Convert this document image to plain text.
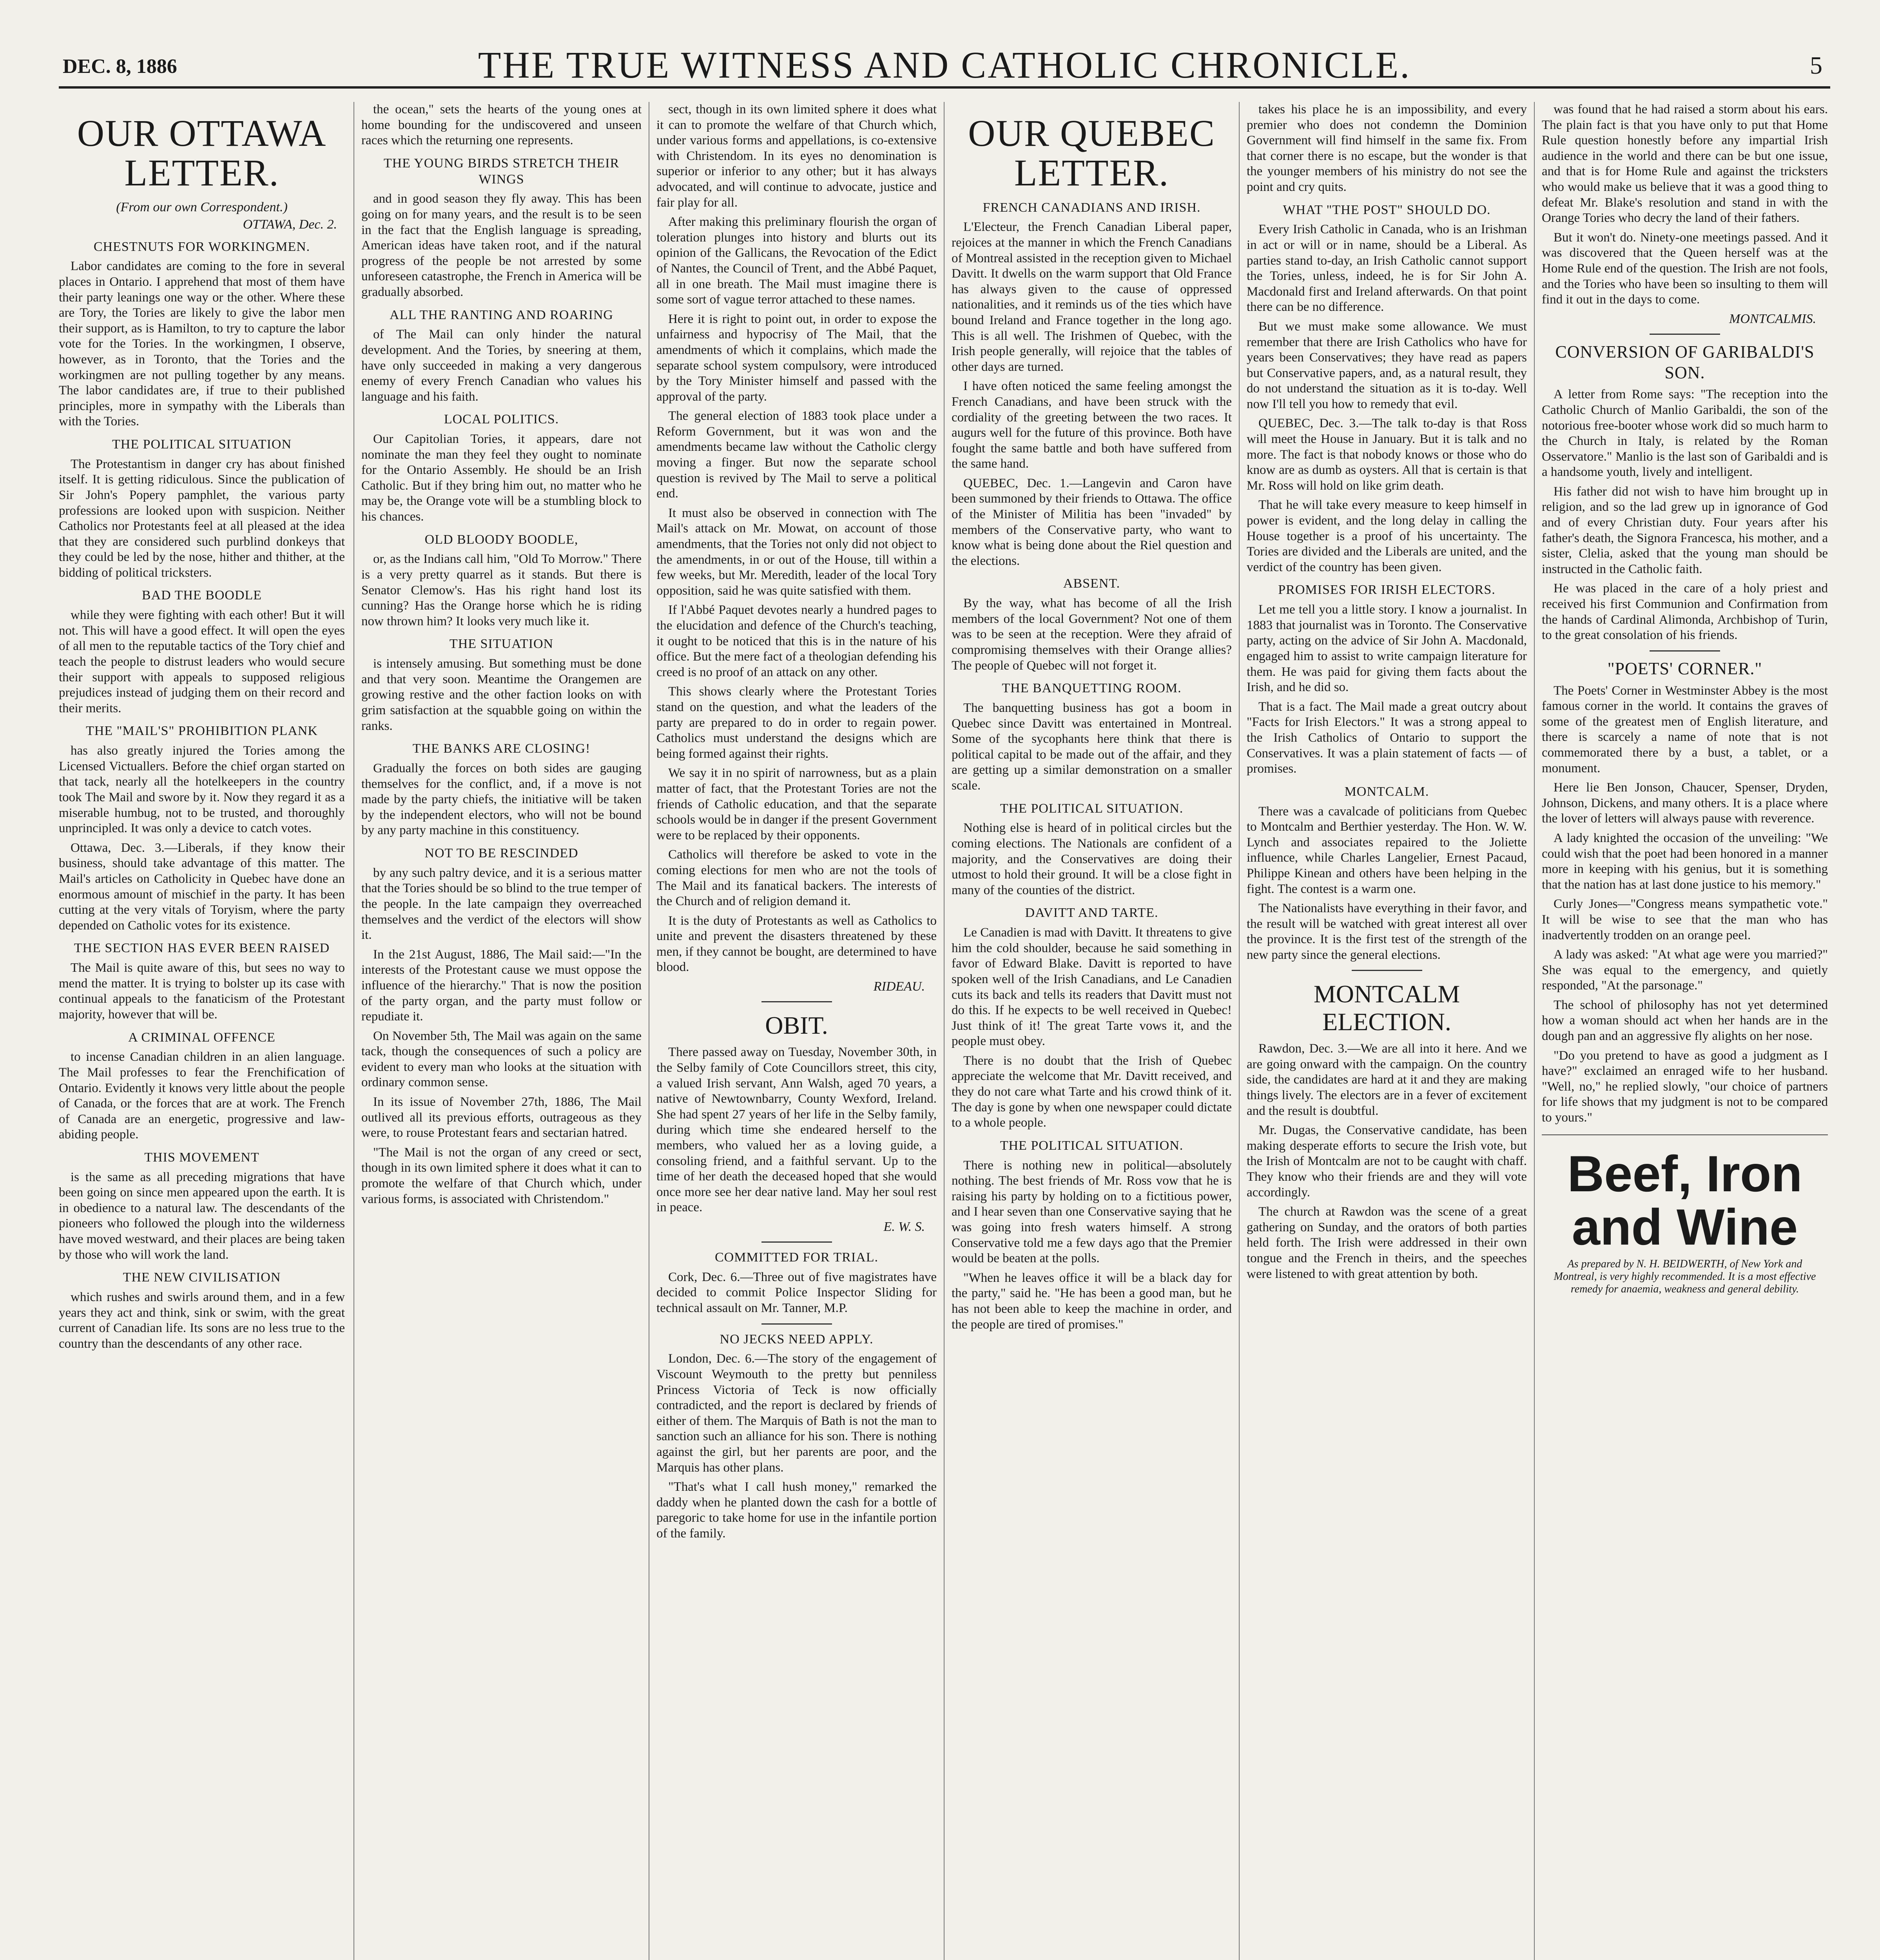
DEC. 8, 1886	THE TRUE WITNESS AND CATHOLIC CHRONICLE.	5
OUR OTTAWA LETTER.
(From our own Correspondent.)
OTTAWA, Dec. 2.
CHESTNUTS FOR WORKINGMEN.

Labor candidates are coming to the fore in several places in Ontario. I apprehend that most of them have their party leanings one way or the other. Where these are Tory, the Tories are likely to give the labor men their support, as is Hamilton, to try to capture the labor vote for the Tories. In the workingmen, I observe, however, as in Toronto, that the Tories and the workingmen are not pulling together by any means. The labor candidates are, if true to their published principles, more in sympathy with the Liberals than with the Tories.

THE POLITICAL SITUATION

The Protestantism in danger cry has about finished itself. It is getting ridiculous. Since the publication of Sir John's Popery pamphlet, the various party professions are looked upon with suspicion. Neither Catholics nor Protestants feel at all pleased at the idea that they are considered such purblind donkeys that they could be led by the nose, hither and thither, at the bidding of political tricksters.

BAD THE BOODLE

while they were fighting with each other! But it will not. This will have a good effect. It will open the eyes of all men to the reputable tactics of the Tory chief and teach the people to distrust leaders who would secure their support with appeals to supposed religious prejudices instead of judging them on their record and their merits.

THE "MAIL'S" PROHIBITION PLANK

has also greatly injured the Tories among the Licensed Victuallers. Before the chief organ started on that tack, nearly all the hotelkeepers in the country took The Mail and swore by it. Now they regard it as a miserable humbug, not to be trusted, and thoroughly unprincipled. It was only a device to catch votes.

Ottawa, Dec. 3.—Liberals, if they know their business, should take advantage of this matter. The Mail's articles on Catholicity in Quebec have done an enormous amount of mischief in the party. It has been cutting at the very vitals of Toryism, where the party depended on Catholic votes for its existence.

THE SECTION HAS EVER BEEN RAISED

The Mail is quite aware of this, but sees no way to mend the matter. It is trying to bolster up its case with continual appeals to the fanaticism of the Protestant majority, however that will be.

A CRIMINAL OFFENCE

to incense Canadian children in an alien language. The Mail professes to fear the Frenchification of Ontario. Evidently it knows very little about the people of Canada, or the forces that are at work. The French of Canada are an energetic, progressive and law-abiding people.

THIS MOVEMENT

is the same as all preceding migrations that have been going on since men appeared upon the earth. It is in obedience to a natural law. The descendants of the pioneers who followed the plough into the wilderness have moved westward, and their places are being taken by those who will work the land.

THE NEW CIVILISATION

which rushes and swirls around them, and in a few years they act and think, sink or swim, with the great current of Canadian life. Its sons are no less true to the country than the descendants of any other race.

the ocean," sets the hearts of the young ones at home bounding for the undiscovered and unseen races which the returning one represents.

THE YOUNG BIRDS STRETCH THEIR WINGS

and in good season they fly away. This has been going on for many years, and the result is to be seen in the fact that the English language is spreading, American ideas have taken root, and if the natural progress of the people be not arrested by some unforeseen catastrophe, the French in America will be gradually absorbed.

ALL THE RANTING AND ROARING

of The Mail can only hinder the natural development. And the Tories, by sneering at them, have only succeeded in making a very dangerous enemy of every French Canadian who values his language and his faith.

LOCAL POLITICS.

Our Capitolian Tories, it appears, dare not nominate the man they feel they ought to nominate for the Ontario Assembly. He should be an Irish Catholic. But if they bring him out, no matter who he may be, the Orange vote will be a stumbling block to his chances.

OLD BLOODY BOODLE,

or, as the Indians call him, "Old To Morrow." There is a very pretty quarrel as it stands. But there is Senator Clemow's. Has his right hand lost its cunning? Has the Orange horse which he is riding now thrown him? It looks very much like it.

THE SITUATION

is intensely amusing. But something must be done and that very soon. Meantime the Orangemen are growing restive and the other faction looks on with grim satisfaction at the squabble going on within the ranks.

THE BANKS ARE CLOSING!

Gradually the forces on both sides are gauging themselves for the conflict, and, if a move is not made by the party chiefs, the initiative will be taken by the independent electors, who will not be bound by any party machine in this constituency.

NOT TO BE RESCINDED

by any such paltry device, and it is a serious matter that the Tories should be so blind to the true temper of the people. In the late campaign they overreached themselves and the verdict of the electors will show it.

In the 21st August, 1886, The Mail said:—"In the interests of the Protestant cause we must oppose the influence of the hierarchy." That is now the position of the party organ, and the party must follow or repudiate it.

On November 5th, The Mail was again on the same tack, though the consequences of such a policy are evident to every man who looks at the situation with ordinary common sense.

In its issue of November 27th, 1886, The Mail outlived all its previous efforts, outrageous as they were, to rouse Protestant fears and sectarian hatred.

"The Mail is not the organ of any creed or sect, though in its own limited sphere it does what it can to promote the welfare of that Church which, under various forms, is associated with Christendom."

sect, though in its own limited sphere it does what it can to promote the welfare of that Church which, under various forms and appellations, is co-extensive with Christendom. In its eyes no denomination is superior or inferior to any other; but it has always advocated, and will continue to advocate, justice and fair play for all.

After making this preliminary flourish the organ of toleration plunges into history and blurts out its opinion of the Gallicans, the Revocation of the Edict of Nantes, the Council of Trent, and the Abbé Paquet, all in one breath. The Mail must imagine there is some sort of vague terror attached to these names.

Here it is right to point out, in order to expose the unfairness and hypocrisy of The Mail, that the amendments of which it complains, which made the separate school system compulsory, were introduced by the Tory Minister himself and passed with the approval of the party.

The general election of 1883 took place under a Reform Government, but it was won and the amendments became law without the Catholic clergy moving a finger. But now the separate school question is revived by The Mail to serve a political end.

It must also be observed in connection with The Mail's attack on Mr. Mowat, on account of those amendments, that the Tories not only did not object to the amendments, in or out of the House, till within a few weeks, but Mr. Meredith, leader of the local Tory opposition, said he was quite satisfied with them.

If l'Abbé Paquet devotes nearly a hundred pages to the elucidation and defence of the Church's teaching, it ought to be noticed that this is in the nature of his office. But the mere fact of a theologian defending his creed is no proof of an attack on any other.

This shows clearly where the Protestant Tories stand on the question, and what the leaders of the party are prepared to do in order to regain power. Catholics must understand the designs which are being formed against their rights.

We say it in no spirit of narrowness, but as a plain matter of fact, that the Protestant Tories are not the friends of Catholic education, and that the separate schools would be in danger if the present Government were to be replaced by their opponents.

Catholics will therefore be asked to vote in the coming elections for men who are not the tools of The Mail and its fanatical backers. The interests of the Church and of religion demand it.

It is the duty of Protestants as well as Catholics to unite and prevent the disasters threatened by these men, if they cannot be bought, are determined to have blood.

RIDEAU.
OBIT.

There passed away on Tuesday, November 30th, in the Selby family of Cote Councillors street, this city, a valued Irish servant, Ann Walsh, aged 70 years, a native of Newtownbarry, County Wexford, Ireland. She had spent 27 years of her life in the Selby family, during which time she endeared herself to the members, who valued her as a loving guide, a consoling friend, and a faithful servant. Up to the time of her death the deceased hoped that she would once more see her dear native land. May her soul rest in peace.

E. W. S.
COMMITTED FOR TRIAL.

Cork, Dec. 6.—Three out of five magistrates have decided to commit Police Inspector Sliding for technical assault on Mr. Tanner, M.P.

NO JECKS NEED APPLY.

London, Dec. 6.—The story of the engagement of Viscount Weymouth to the pretty but penniless Princess Victoria of Teck is now officially contradicted, and the report is declared by friends of either of them. The Marquis of Bath is not the man to sanction such an alliance for his son. There is nothing against the girl, but her parents are poor, and the Marquis has other plans.

"That's what I call hush money," remarked the daddy when he planted down the cash for a bottle of paregoric to take home for use in the infantile portion of the family.

OUR QUEBEC LETTER.
FRENCH CANADIANS AND IRISH.

L'Electeur, the French Canadian Liberal paper, rejoices at the manner in which the French Canadians of Montreal assisted in the reception given to Michael Davitt. It dwells on the warm support that Old France has always given to the cause of oppressed nationalities, and it reminds us of the ties which have bound Ireland and France together in the long ago. This is all well. The Irishmen of Quebec, with the Irish people generally, will rejoice that the tables of other days are turned.

I have often noticed the same feeling amongst the French Canadians, and have been struck with the cordiality of the greeting between the two races. It augurs well for the future of this province. Both have fought the same battle and both have suffered from the same hand.

QUEBEC, Dec. 1.—Langevin and Caron have been summoned by their friends to Ottawa. The office of the Minister of Militia has been "invaded" by members of the Conservative party, who want to know what is being done about the Riel question and the elections.

ABSENT.

By the way, what has become of all the Irish members of the local Government? Not one of them was to be seen at the reception. Were they afraid of compromising themselves with their Orange allies? The people of Quebec will not forget it.

THE BANQUETTING ROOM.

The banquetting business has got a boom in Quebec since Davitt was entertained in Montreal. Some of the sycophants here think that there is political capital to be made out of the affair, and they are getting up a similar demonstration on a smaller scale.

THE POLITICAL SITUATION.

Nothing else is heard of in political circles but the coming elections. The Nationals are confident of a majority, and the Conservatives are doing their utmost to hold their ground. It will be a close fight in many of the counties of the district.

DAVITT AND TARTE.

Le Canadien is mad with Davitt. It threatens to give him the cold shoulder, because he said something in favor of Edward Blake. Davitt is reported to have spoken well of the Irish Canadians, and Le Canadien cuts its back and tells its readers that Davitt must not do this. If he expects to be well received in Quebec! Just think of it! The great Tarte vows it, and the people must obey.

There is no doubt that the Irish of Quebec appreciate the welcome that Mr. Davitt received, and they do not care what Tarte and his crowd think of it. The day is gone by when one newspaper could dictate to a whole people.

THE POLITICAL SITUATION.

There is nothing new in political—absolutely nothing. The best friends of Mr. Ross vow that he is raising his party by holding on to a fictitious power, and I hear seven than one Conservative saying that he was going into fresh waters himself. A strong Conservative told me a few days ago that the Premier would be beaten at the polls.

"When he leaves office it will be a black day for the party," said he. "He has been a good man, but he has not been able to keep the machine in order, and the people are tired of promises."

takes his place he is an impossibility, and every premier who does not condemn the Dominion Government will find himself in the same fix. From that corner there is no escape, but the wonder is that the younger members of his ministry do not see the point and cry quits.

WHAT "THE POST" SHOULD DO.

Every Irish Catholic in Canada, who is an Irishman in act or will or in name, should be a Liberal. As parties stand to-day, an Irish Catholic cannot support the Tories, unless, indeed, he is for Sir John A. Macdonald first and Ireland afterwards. On that point there can be no difference.

But we must make some allowance. We must remember that there are Irish Catholics who have for years been Conservatives; they have read as papers but Conservative papers, and, as a natural result, they do not understand the situation as it is to-day. Well now I'll tell you how to remedy that evil.

QUEBEC, Dec. 3.—The talk to-day is that Ross will meet the House in January. But it is talk and no more. The fact is that nobody knows or those who do know are as dumb as oysters. All that is certain is that Mr. Ross will hold on like grim death.

That he will take every measure to keep himself in power is evident, and the long delay in calling the House together is a proof of his uncertainty. The Tories are divided and the Liberals are united, and the verdict of the country has been given.

PROMISES FOR IRISH ELECTORS.

Let me tell you a little story. I know a journalist. In 1883 that journalist was in Toronto. The Conservative party, acting on the advice of Sir John A. Macdonald, engaged him to assist to write campaign literature for them. He was paid for giving them facts about the Irish, and he did so.

That is a fact. The Mail made a great outcry about "Facts for Irish Electors." It was a strong appeal to the Irish Catholics of Ontario to support the Conservatives. It was a plain statement of facts — of promises.

MONTCALM.

There was a cavalcade of politicians from Quebec to Montcalm and Berthier yesterday. The Hon. W. W. Lynch and associates repaired to the Joliette influence, while Charles Langelier, Ernest Pacaud, Philippe Kinean and others have been helping in the fight. The contest is a warm one.

The Nationalists have everything in their favor, and the result will be watched with great interest all over the province. It is the first test of the strength of the new party since the general elections.

MONTCALM ELECTION.

Rawdon, Dec. 3.—We are all into it here. And we are going onward with the campaign. On the country side, the candidates are hard at it and they are making things lively. The electors are in a fever of excitement and the result is doubtful.

Mr. Dugas, the Conservative candidate, has been making desperate efforts to secure the Irish vote, but the Irish of Montcalm are not to be caught with chaff. They know who their friends are and they will vote accordingly.

The church at Rawdon was the scene of a great gathering on Sunday, and the orators of both parties held forth. The Irish were addressed in their own tongue and the French in theirs, and the speeches were listened to with great attention by both.

was found that he had raised a storm about his ears. The plain fact is that you have only to put that Home Rule question honestly before any impartial Irish audience in the world and there can be but one issue, and that is for Home Rule and against the tricksters who would make us believe that it was a good thing to defeat Mr. Blake's resolution and stand in with the Orange Tories who decry the land of their fathers.

But it won't do. Ninety-one meetings passed. And it was discovered that the Queen herself was at the Home Rule end of the question. The Irish are not fools, and the Tories who have been so insulting to them will find it out in the days to come.

MONTCALMIS.
CONVERSION OF GARIBALDI'S SON.

A letter from Rome says: "The reception into the Catholic Church of Manlio Garibaldi, the son of the notorious free-booter whose work did so much harm to the Church in Italy, is related by the Roman Osservatore." Manlio is the last son of Garibaldi and is a handsome youth, lively and intelligent.

His father did not wish to have him brought up in religion, and so the lad grew up in ignorance of God and of every Christian duty. Four years after his father's death, the Signora Francesca, his mother, and a sister, Clelia, asked that the young man should be instructed in the Catholic faith.

He was placed in the care of a holy priest and received his first Communion and Confirmation from the hands of Cardinal Alimonda, Archbishop of Turin, to the great consolation of his friends.

"POETS' CORNER."

The Poets' Corner in Westminster Abbey is the most famous corner in the world. It contains the graves of some of the greatest men of English literature, and there is scarcely a name of note that is not commemorated there by a bust, a tablet, or a monument.

Here lie Ben Jonson, Chaucer, Spenser, Dryden, Johnson, Dickens, and many others. It is a place where the lover of letters will always pause with reverence.

A lady knighted the occasion of the unveiling: "We could wish that the poet had been honored in a manner more in keeping with his genius, but it is something that the nation has at last done justice to his memory."

Curly Jones—"Congress means sympathetic vote." It will be wise to see that the man who has inadvertently trodden on an orange peel.

A lady was asked: "At what age were you married?" She was equal to the emergency, and quietly responded, "At the parsonage."

The school of philosophy has not yet determined how a woman should act when her hands are in the dough pan and an aggressive fly alights on her nose.

"Do you pretend to have as good a judgment as I have?" exclaimed an enraged wife to her husband. "Well, no," he replied slowly, "our choice of partners for life shows that my judgment is not to be compared to yours."

Beef, Iron and Wine
As prepared by N. H. BEIDWERTH, of New York and Montreal, is very highly recommended. It is a most effective remedy for anaemia, weakness and general debility.
